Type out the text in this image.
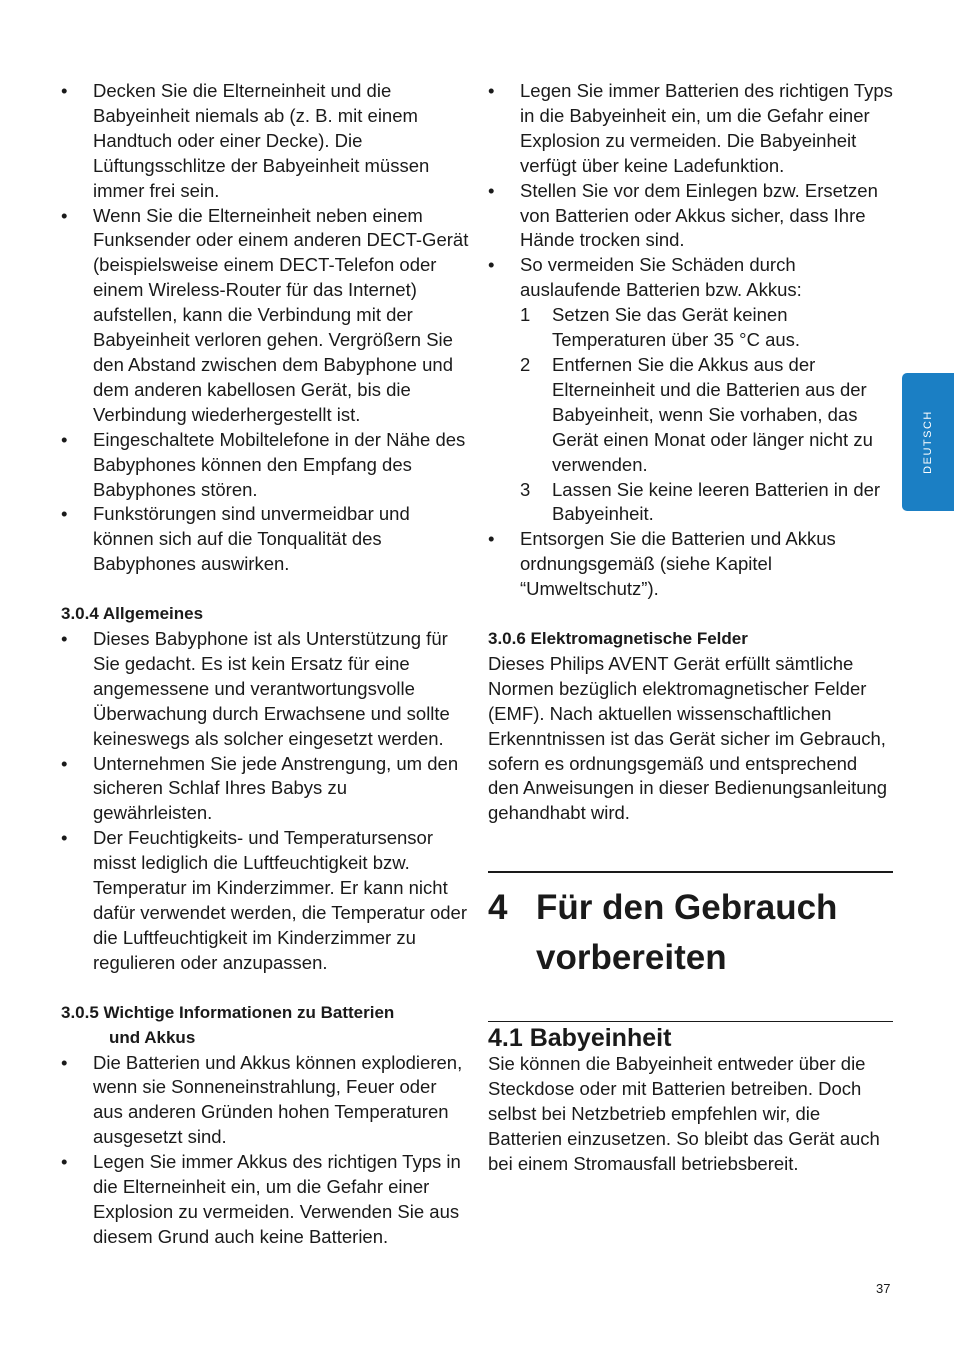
•	Decken Sie die Elterneinheit und die Babyeinheit niemals ab (z. B. mit einem Handtuch oder einer Decke). Die Lüftungsschlitze der Babyeinheit müssen immer frei sein.
•	Wenn Sie die Elterneinheit neben einem Funksender oder einem anderen DECT-Gerät (beispielsweise einem DECT-Telefon oder einem Wireless-Router für das Internet) aufstellen, kann die Verbindung mit der Babyeinheit verloren gehen. Vergrößern Sie den Abstand zwischen dem Babyphone und dem anderen kabellosen Gerät, bis die Verbindung wiederhergestellt ist.
•	Eingeschaltete Mobiltelefone in der Nähe des Babyphones können den Empfang des Babyphones stören.
•	Funkstörungen sind unvermeidbar und können sich auf die Tonqualität des Babyphones auswirken.
3.0.4 Allgemeines
•	Dieses Babyphone ist als Unterstützung für Sie gedacht. Es ist kein Ersatz für eine angemessene und verantwortungsvolle Überwachung durch Erwachsene und sollte keineswegs als solcher eingesetzt werden.
•	Unternehmen Sie jede Anstrengung, um den sicheren Schlaf Ihres Babys zu gewährleisten.
•	Der Feuchtigkeits- und Temperatursensor misst lediglich die Luftfeuchtigkeit bzw. Temperatur im Kinderzimmer. Er kann nicht dafür verwendet werden, die Temperatur oder die Luftfeuchtigkeit im Kinderzimmer zu regulieren oder anzupassen.
3.0.5 Wichtige Informationen zu Batterien
und Akkus
•	Die Batterien und Akkus können explodieren, wenn sie Sonneneinstrahlung, Feuer oder aus anderen Gründen hohen Temperaturen ausgesetzt sind.
•	Legen Sie immer Akkus des richtigen Typs in die Elterneinheit ein, um die Gefahr einer Explosion zu vermeiden. Verwenden Sie aus diesem Grund auch keine Batterien.
•	Legen Sie immer Batterien des richtigen Typs in die Babyeinheit ein, um die Gefahr einer Explosion zu vermeiden. Die Babyeinheit verfügt über keine Ladefunktion.
•	Stellen Sie vor dem Einlegen bzw. Ersetzen von Batterien oder Akkus sicher, dass Ihre Hände trocken sind.
•	So vermeiden Sie Schäden durch auslaufende Batterien bzw. Akkus:
1 Setzen Sie das Gerät keinen Temperaturen über 35 °C aus.
2 Entfernen Sie die Akkus aus der Elterneinheit und die Batterien aus der Babyeinheit, wenn Sie vorhaben, das Gerät einen Monat oder länger nicht zu verwenden.
3 Lassen Sie keine leeren Batterien in der Babyeinheit.
•	Entsorgen Sie die Batterien und Akkus ordnungsgemäß (siehe Kapitel “Umweltschutz”).
3.0.6 Elektromagnetische Felder

Dieses Philips AVENT Gerät erfüllt sämtliche Normen bezüglich elektromagnetischer Felder (EMF). Nach aktuellen wissenschaftlichen Erkenntnissen ist das Gerät sicher im Gebrauch, sofern es ordnungsgemäß und entsprechend den Anweisungen in dieser Bedienungsanleitung gehandhabt wird.

4 Für den Gebrauch vorbereiten
4.1 Babyeinheit

Sie können die Babyeinheit entweder über die Steckdose oder mit Batterien betreiben. Doch selbst bei Netzbetrieb empfehlen wir, die Batterien einzusetzen. So bleibt das Gerät auch bei einem Stromausfall betriebsbereit.

DEUTSCH
37
